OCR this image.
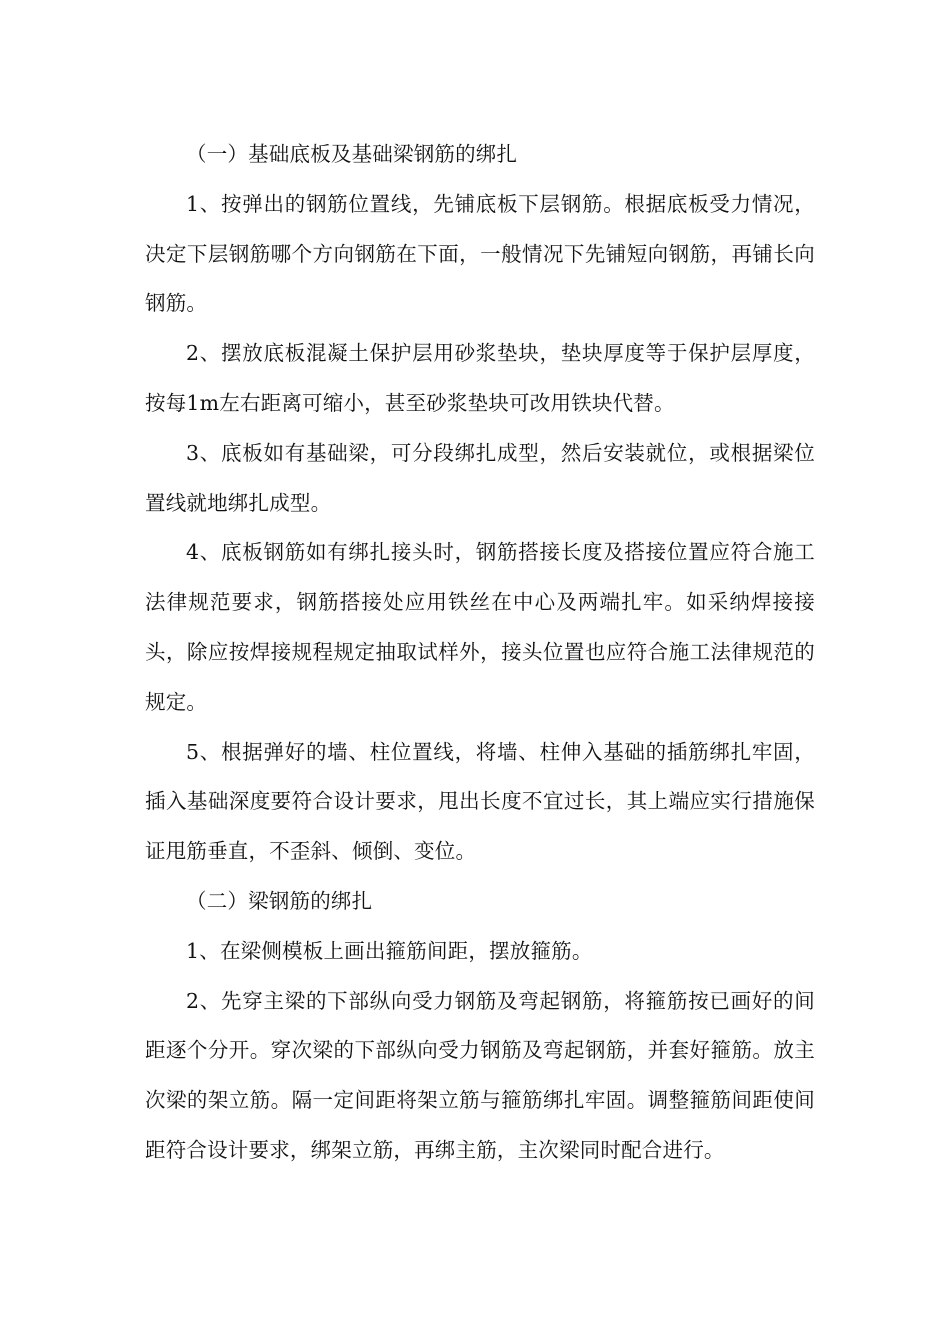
（一）基础底板及基础梁钢筋的绑扎

1、按弹出的钢筋位置线，先铺底板下层钢筋。根据底板受力情况，决定下层钢筋哪个方向钢筋在下面，一般情况下先铺短向钢筋，再铺长向钢筋。

2、摆放底板混凝土保护层用砂浆垫块，垫块厚度等于保护层厚度，按每1m左右距离可缩小，甚至砂浆垫块可改用铁块代替。

3、底板如有基础梁，可分段绑扎成型，然后安装就位，或根据梁位置线就地绑扎成型。

4、底板钢筋如有绑扎接头时，钢筋搭接长度及搭接位置应符合施工法律规范要求，钢筋搭接处应用铁丝在中心及两端扎牢。如采纳焊接接头，除应按焊接规程规定抽取试样外，接头位置也应符合施工法律规范的规定。

5、根据弹好的墙、柱位置线，将墙、柱伸入基础的插筋绑扎牢固，插入基础深度要符合设计要求，甩出长度不宜过长，其上端应实行措施保证甩筋垂直，不歪斜、倾倒、变位。

（二）梁钢筋的绑扎

1、在梁侧模板上画出箍筋间距，摆放箍筋。

2、先穿主梁的下部纵向受力钢筋及弯起钢筋，将箍筋按已画好的间距逐个分开。穿次梁的下部纵向受力钢筋及弯起钢筋，并套好箍筋。放主次梁的架立筋。隔一定间距将架立筋与箍筋绑扎牢固。调整箍筋间距使间距符合设计要求，绑架立筋，再绑主筋，主次梁同时配合进行。
